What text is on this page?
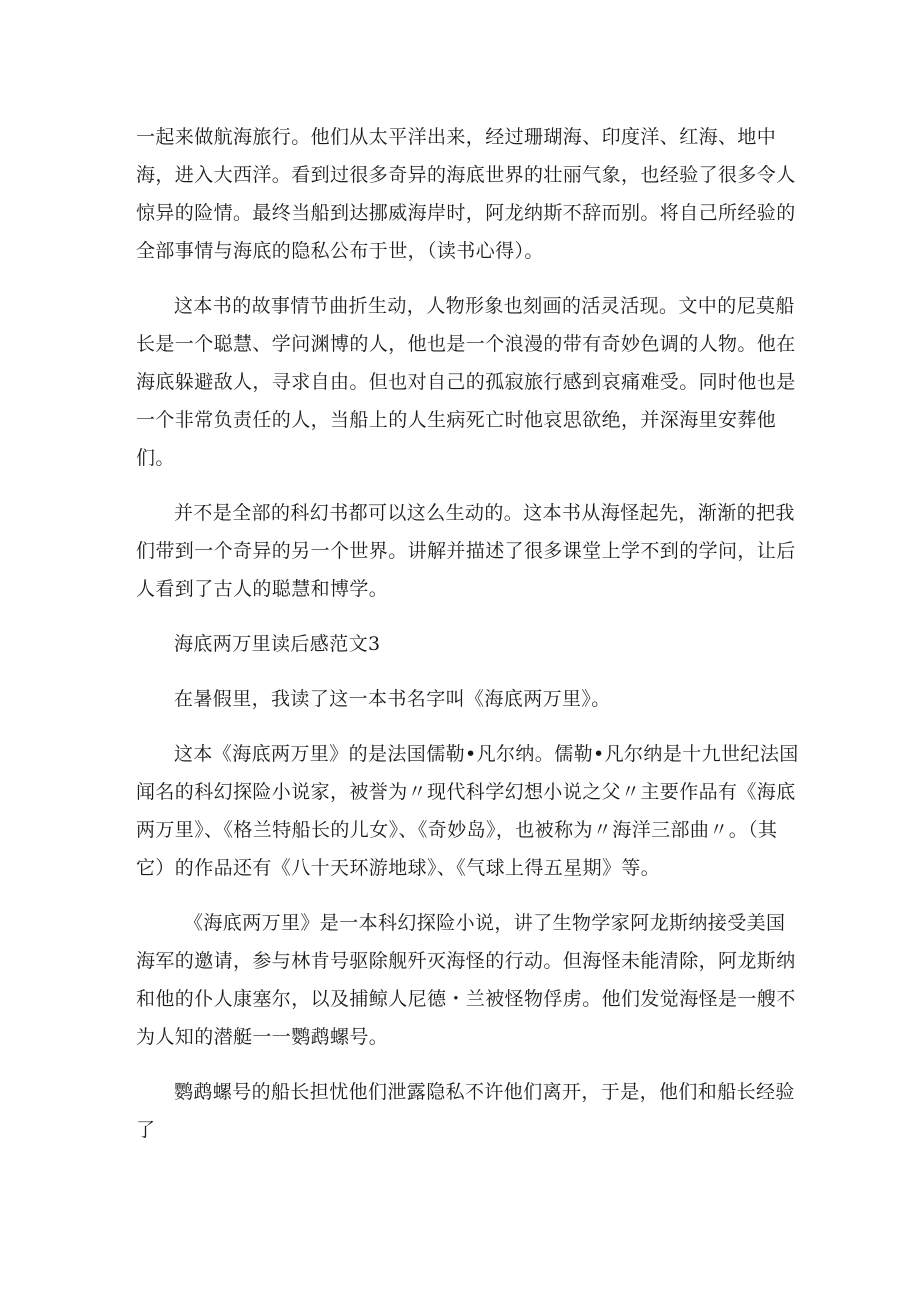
一起来做航海旅行。他们从太平洋出来，经过珊瑚海、印度洋、红海、地中海，进入大西洋。看到过很多奇异的海底世界的壮丽气象，也经验了很多令人惊异的险情。最终当船到达挪威海岸时，阿龙纳斯不辞而别。将自己所经验的全部事情与海底的隐私公布于世，（读书心得）。

这本书的故事情节曲折生动，人物形象也刻画的活灵活现。文中的尼莫船长是一个聪慧、学问渊博的人，他也是一个浪漫的带有奇妙色调的人物。他在海底躲避敌人，寻求自由。但也对自己的孤寂旅行感到哀痛难受。同时他也是一个非常负责任的人，当船上的人生病死亡时他哀思欲绝，并深海里安葬他们。

并不是全部的科幻书都可以这么生动的。这本书从海怪起先，渐渐的把我们带到一个奇异的另一个世界。讲解并描述了很多课堂上学不到的学问，让后人看到了古人的聪慧和博学。

海底两万里读后感范文3

在暑假里，我读了这一本书名字叫《海底两万里》。

这本《海底两万里》的是法国儒勒•凡尔纳。儒勒•凡尔纳是十九世纪法国闻名的科幻探险小说家，被誉为〃现代科学幻想小说之父〃主要作品有《海底两万里》、《格兰特船长的儿女》、《奇妙岛》，也被称为〃海洋三部曲〃。（其它）的作品还有《八十天环游地球》、《气球上得五星期》等。

《海底两万里》是一本科幻探险小说，讲了生物学家阿龙斯纳接受美国海军的邀请，参与林肯号驱除舰歼灭海怪的行动。但海怪未能清除，阿龙斯纳和他的仆人康塞尔，以及捕鲸人尼德・兰被怪物俘虏。他们发觉海怪是一艘不为人知的潜艇一一鹦鹉螺号。

鹦鹉螺号的船长担忧他们泄露隐私不许他们离开，于是，他们和船长经验了
